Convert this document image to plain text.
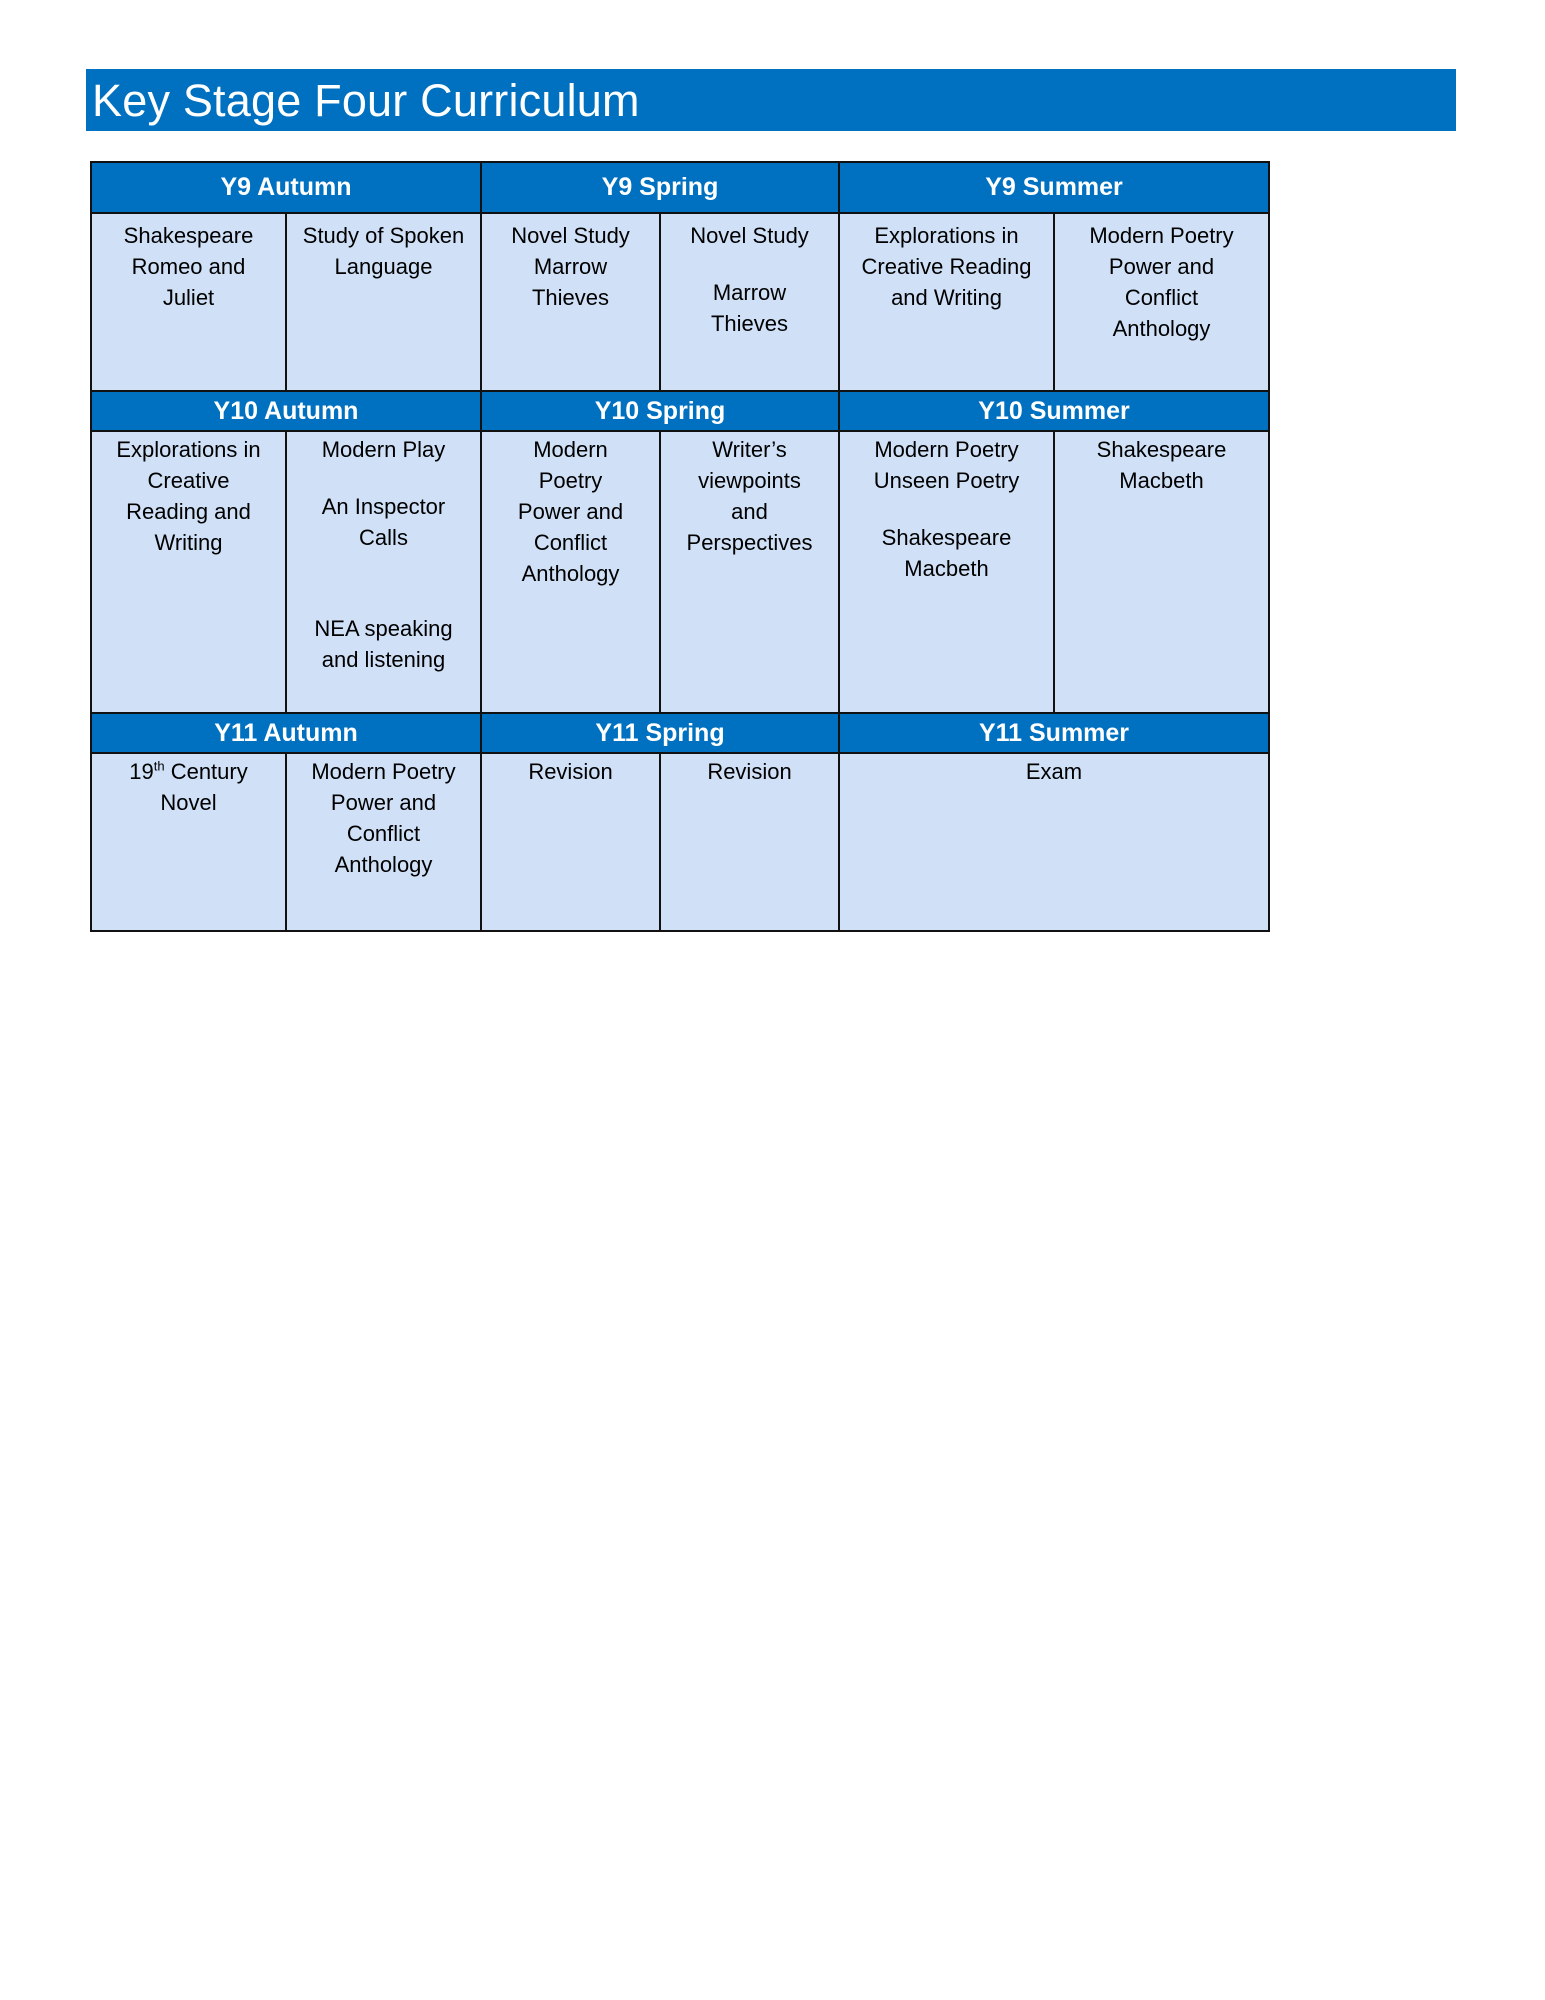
Key Stage Four Curriculum
Y9 Autumn		Y9 Spring		Y9 Summer	

Shakespeare
Romeo and
Juliet	Study of Spoken
Language	Novel Study
Marrow
Thieves	Novel Study
Marrow
Thieves	Explorations in
Creative Reading
and Writing	Modern Poetry
Power and
Conflict
Anthology

Y10 Autumn		Y10 Spring		Y10 Summer	

Explorations in
Creative
Reading and
Writing	Modern Play
An Inspector
Calls
NEA speaking
and listening	Modern
Poetry
Power and
Conflict
Anthology	Writer’s
viewpoints
and
Perspectives	Modern Poetry
Unseen Poetry
Shakespeare
Macbeth	Shakespeare
Macbeth

Y11 Autumn		Y11 Spring		Y11 Summer	

19th Century
Novel	Modern Poetry
Power and
Conflict
Anthology	Revision	Revision	Exam	
